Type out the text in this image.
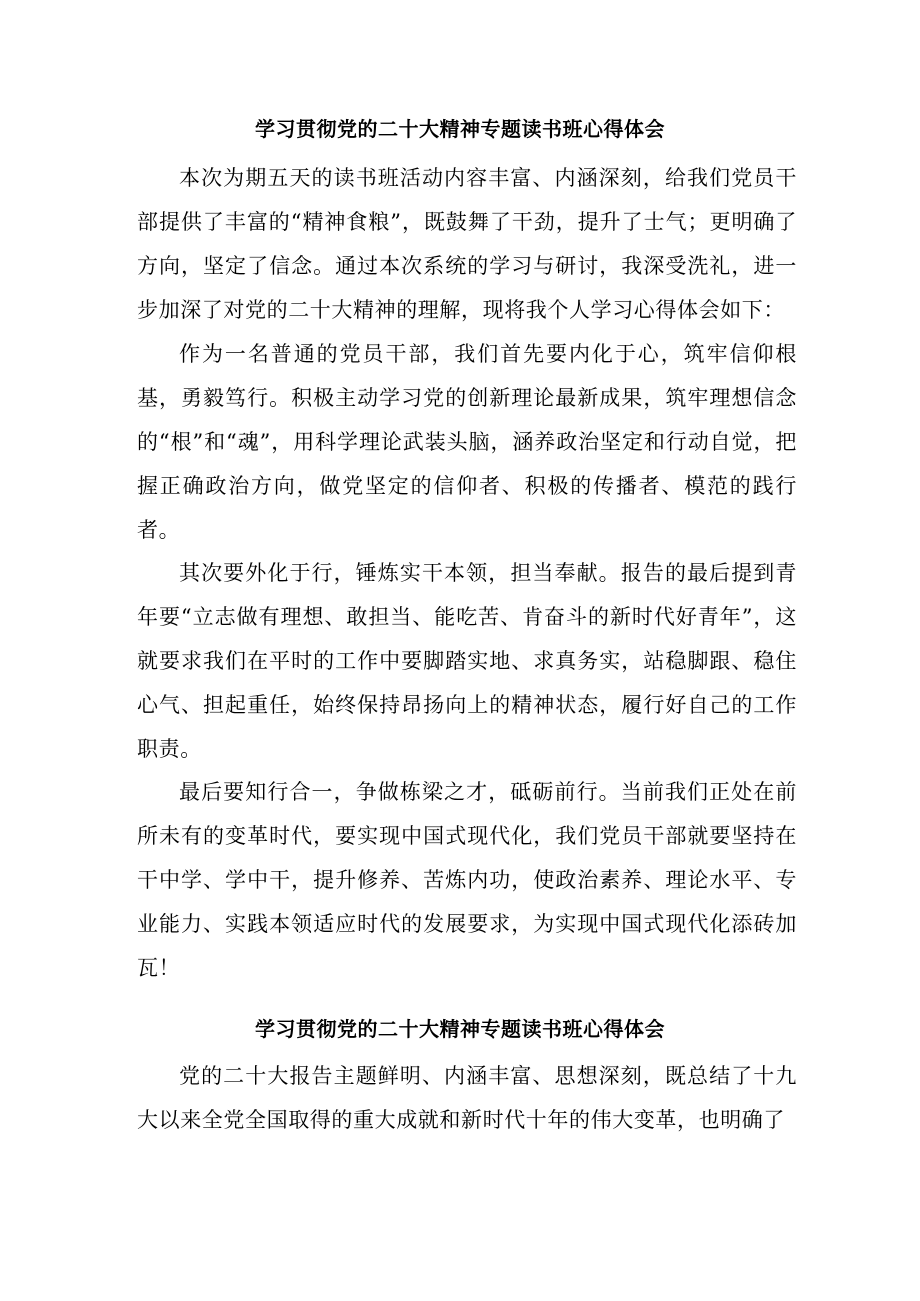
学习贯彻党的二十大精神专题读书班心得体会

本次为期五天的读书班活动内容丰富、内涵深刻，给我们党员干部提供了丰富的“精神食粮”，既鼓舞了干劲，提升了士气；更明确了方向，坚定了信念。通过本次系统的学习与研讨，我深受洗礼，进一步加深了对党的二十大精神的理解，现将我个人学习心得体会如下：

作为一名普通的党员干部，我们首先要内化于心，筑牢信仰根基，勇毅笃行。积极主动学习党的创新理论最新成果，筑牢理想信念的“根”和“魂”，用科学理论武装头脑，涵养政治坚定和行动自觉，把握正确政治方向，做党坚定的信仰者、积极的传播者、模范的践行者。

其次要外化于行，锤炼实干本领，担当奉献。报告的最后提到青年要“立志做有理想、敢担当、能吃苦、肯奋斗的新时代好青年”，这就要求我们在平时的工作中要脚踏实地、求真务实，站稳脚跟、稳住心气、担起重任，始终保持昂扬向上的精神状态，履行好自己的工作职责。

最后要知行合一，争做栋梁之才，砥砺前行。当前我们正处在前所未有的变革时代，要实现中国式现代化，我们党员干部就要坚持在干中学、学中干，提升修养、苦炼内功，使政治素养、理论水平、专业能力、实践本领适应时代的发展要求，为实现中国式现代化添砖加瓦！

学习贯彻党的二十大精神专题读书班心得体会

党的二十大报告主题鲜明、内涵丰富、思想深刻，既总结了十九大以来全党全国取得的重大成就和新时代十年的伟大变革，也明确了
